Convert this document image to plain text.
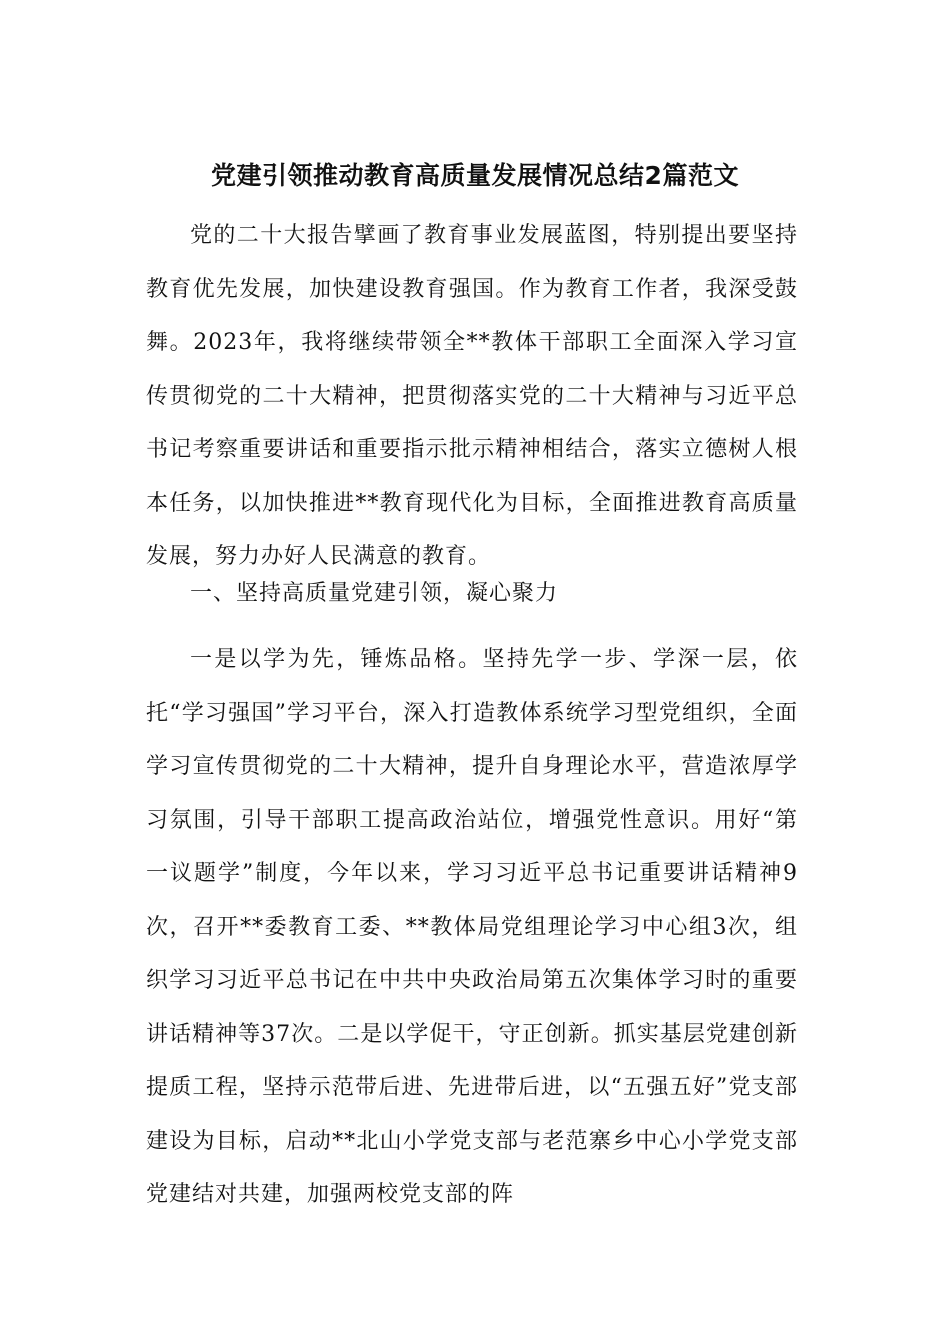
党建引领推动教育高质量发展情况总结2篇范文

党的二十大报告擘画了教育事业发展蓝图，特别提出要坚持教育优先发展，加快建设教育强国。作为教育工作者，我深受鼓舞。2023年，我将继续带领全**教体干部职工全面深入学习宣传贯彻党的二十大精神，把贯彻落实党的二十大精神与习近平总书记考察重要讲话和重要指示批示精神相结合，落实立德树人根本任务，以加快推进**教育现代化为目标，全面推进教育高质量发展，努力办好人民满意的教育。

一、坚持高质量党建引领，凝心聚力

一是以学为先，锤炼品格。坚持先学一步、学深一层，依托“学习强国”学习平台，深入打造教体系统学习型党组织，全面学习宣传贯彻党的二十大精神，提升自身理论水平，营造浓厚学习氛围，引导干部职工提高政治站位，增强党性意识。用好“第一议题学”制度，今年以来，学习习近平总书记重要讲话精神9次，召开**委教育工委、**教体局党组理论学习中心组3次，组织学习习近平总书记在中共中央政治局第五次集体学习时的重要讲话精神等37次。二是以学促干，守正创新。抓实基层党建创新提质工程，坚持示范带后进、先进带后进，以“五强五好”党支部建设为目标，启动**北山小学党支部与老范寨乡中心小学党支部党建结对共建，加强两校党支部的阵
